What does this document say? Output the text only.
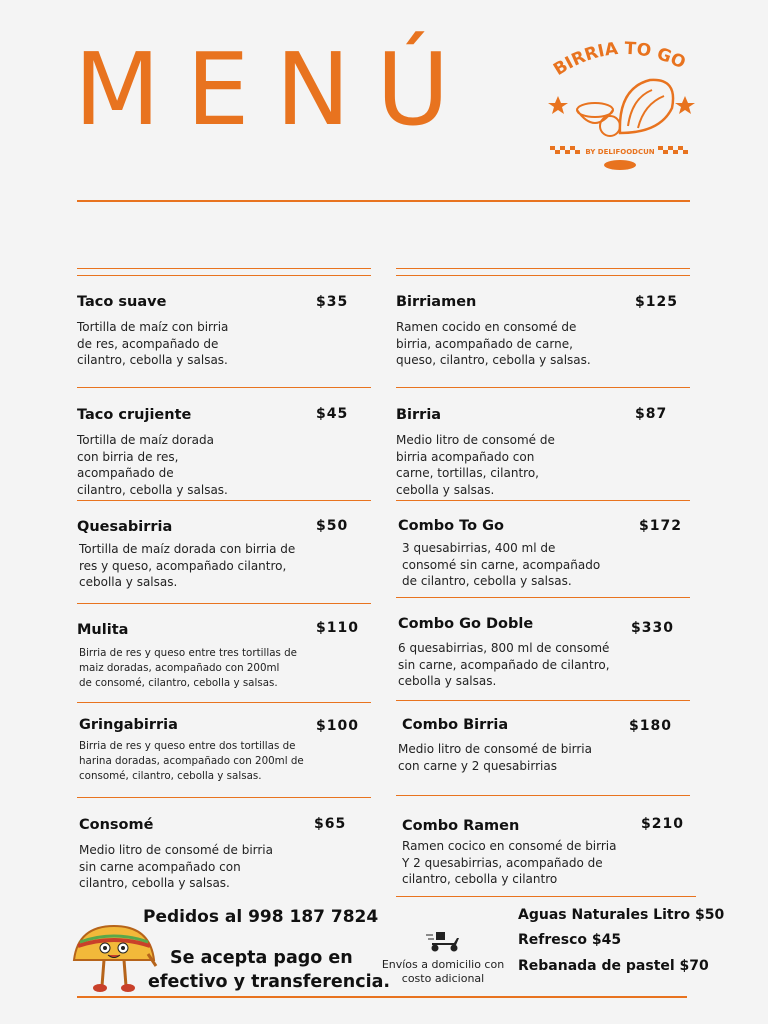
MENÚ	BIRRIA TO GO
BY DELIFOODCUN
Taco suave	$35
Tortilla de maíz con birria
de res, acompañado de
cilantro, cebolla y salsas.
Taco crujiente	$45
Tortilla de maíz dorada
con birria de res,
acompañado de
cilantro, cebolla y salsas.
Quesabirria	$50
Tortilla de maíz dorada con birria de
res y queso, acompañado cilantro,
cebolla y salsas.
Mulita	$110
Birria de res y queso entre tres tortillas de
maiz doradas, acompañado con 200ml
de consomé, cilantro, cebolla y salsas.
Gringabirria	$100
Birria de res y queso entre dos tortillas de
harina doradas, acompañado con 200ml de
consomé, cilantro, cebolla y salsas.
Consomé	$65
Medio litro de consomé de birria
sin carne acompañado con
cilantro, cebolla y salsas.
Birriamen	$125
Ramen cocido en consomé de
birria, acompañado de carne,
queso, cilantro, cebolla y salsas.
Birria	$87
Medio litro de consomé de
birria acompañado con
carne, tortillas, cilantro,
cebolla y salsas.
Combo To Go	$172
3 quesabirrias, 400 ml de
consomé sin carne, acompañado
de cilantro, cebolla y salsas.
Combo Go Doble	$330
6 quesabirrias, 800 ml de consomé
sin carne, acompañado de cilantro,
cebolla y salsas.
Combo Birria	$180
Medio litro de consomé de birria
con carne y 2 quesabirrias
Combo Ramen	$210
Ramen cocico en consomé de birria
Y 2 quesabirrias, acompañado de
cilantro, cebolla y cilantro
Pedidos al 998 187 7824
Se acepta pago en
efectivo y transferencia.
Envíos a domicilio con
costo adicional
Aguas Naturales Litro $50
Refresco $45
Rebanada de pastel $70
